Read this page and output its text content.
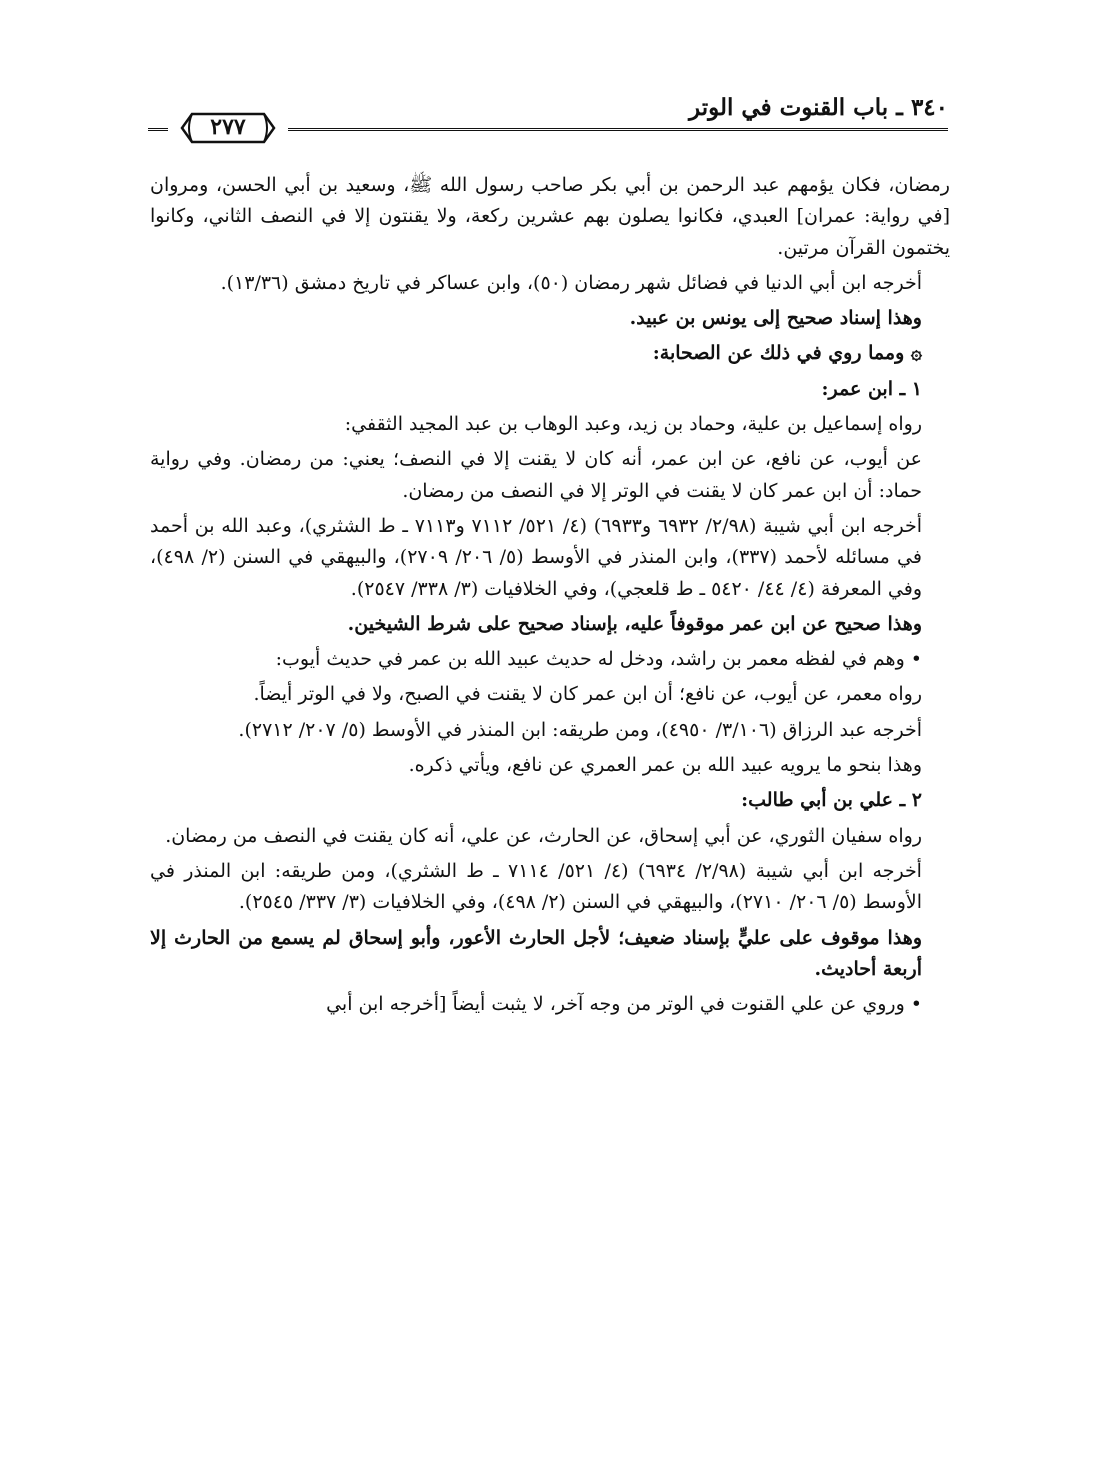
٣٤٠ ـ باب القنوت في الوتر
٢٧٧

رمضان، فكان يؤمهم عبد الرحمن بن أبي بكر صاحب رسول الله ﷺ، وسعيد بن أبي الحسن، ومروان [في رواية: عمران] العبدي، فكانوا يصلون بهم عشرين ركعة، ولا يقنتون إلا في النصف الثاني، وكانوا يختمون القرآن مرتين.

أخرجه ابن أبي الدنيا في فضائل شهر رمضان (٥٠)، وابن عساكر في تاريخ دمشق (١٣/٣٦).

وهذا إسناد صحيح إلى يونس بن عبيد.

۞ ومما روي في ذلك عن الصحابة:

١ ـ ابن عمر:

رواه إسماعيل بن علية، وحماد بن زيد، وعبد الوهاب بن عبد المجيد الثقفي:

عن أيوب، عن نافع، عن ابن عمر، أنه كان لا يقنت إلا في النصف؛ يعني: من رمضان. وفي رواية حماد: أن ابن عمر كان لا يقنت في الوتر إلا في النصف من رمضان.

أخرجه ابن أبي شيبة (٢/٩٨/ ٦٩٣٢ و٦٩٣٣) (٤/ ٥٢١/ ٧١١٢ و٧١١٣ ـ ط الشثري)، وعبد الله بن أحمد في مسائله لأحمد (٣٣٧)، وابن المنذر في الأوسط (٥/ ٢٠٦/ ٢٧٠٩)، والبيهقي في السنن (٢/ ٤٩٨)، وفي المعرفة (٤/ ٤٤/ ٥٤٢٠ ـ ط قلعجي)، وفي الخلافيات (٣/ ٣٣٨/ ٢٥٤٧).

وهذا صحيح عن ابن عمر موقوفاً عليه، بإسناد صحيح على شرط الشيخين.

• وهم في لفظه معمر بن راشد، ودخل له حديث عبيد الله بن عمر في حديث أيوب:

رواه معمر، عن أيوب، عن نافع؛ أن ابن عمر كان لا يقنت في الصبح، ولا في الوتر أيضاً.

أخرجه عبد الرزاق (٣/١٠٦/ ٤٩٥٠)، ومن طريقه: ابن المنذر في الأوسط (٥/ ٢٠٧/ ٢٧١٢).

وهذا بنحو ما يرويه عبيد الله بن عمر العمري عن نافع، ويأتي ذكره.

٢ ـ علي بن أبي طالب:

رواه سفيان الثوري، عن أبي إسحاق، عن الحارث، عن علي، أنه كان يقنت في النصف من رمضان.

أخرجه ابن أبي شيبة (٢/٩٨/ ٦٩٣٤) (٤/ ٥٢١/ ٧١١٤ ـ ط الشثري)، ومن طريقه: ابن المنذر في الأوسط (٥/ ٢٠٦/ ٢٧١٠)، والبيهقي في السنن (٢/ ٤٩٨)، وفي الخلافيات (٣/ ٣٣٧/ ٢٥٤٥).

وهذا موقوف على عليٍّ بإسناد ضعيف؛ لأجل الحارث الأعور، وأبو إسحاق لم يسمع من الحارث إلا أربعة أحاديث.

• وروي عن علي القنوت في الوتر من وجه آخر، لا يثبت أيضاً [أخرجه ابن أبي
